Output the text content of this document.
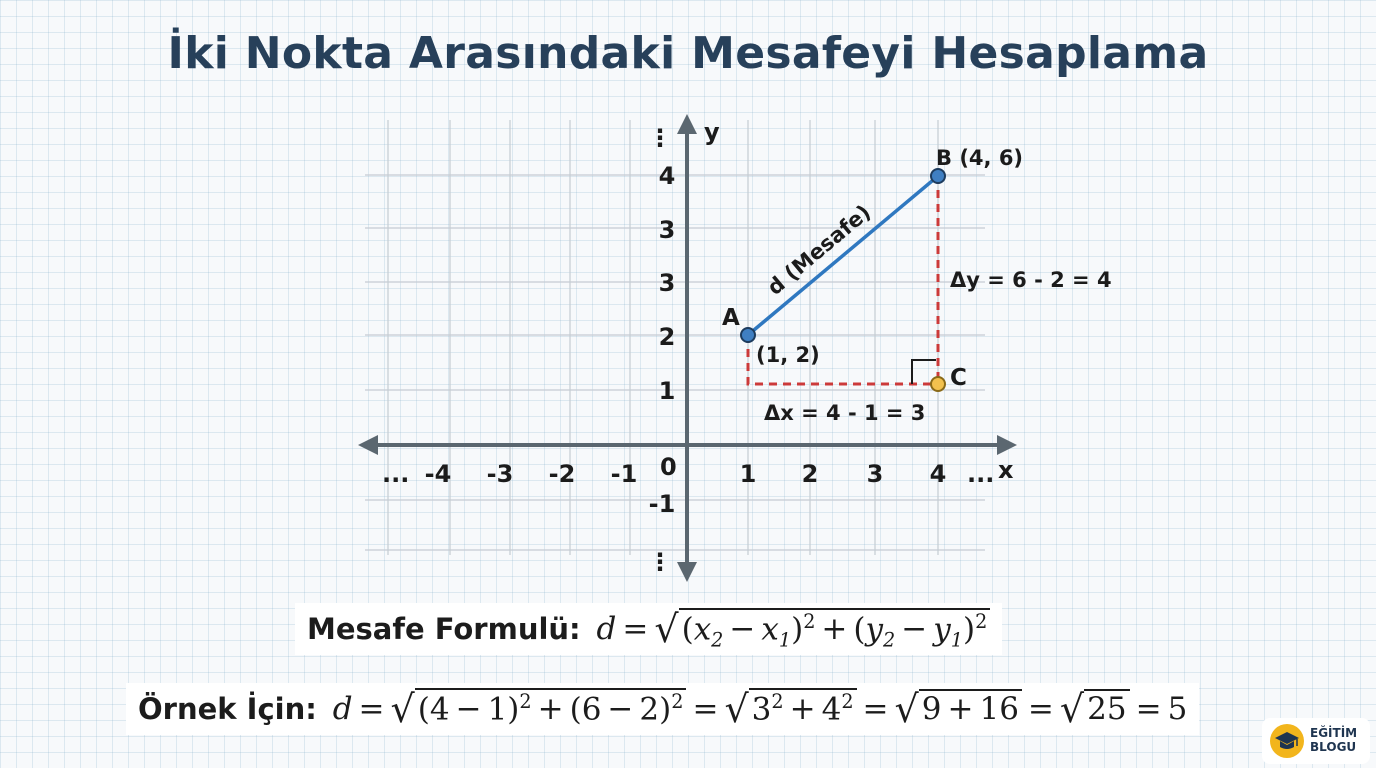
İki Nokta Arasındaki Mesafeyi Hesaplama
y
x
0
-4 -3 -2 -1	1 2 3 4
...	...
1
2
3
3
4
-1
⋮
⋮
A
(1, 2)
B (4, 6)
C
Δy = 6 - 2 = 4
Δx = 4 - 1 = 3
d (Mesafe)
Mesafe Formulü: $d = √(x_2 - x_1)^2 + (y_2 - y_1)^2$
Örnek İçin: $d = √(4 - 1)^2 + (6 - 2)^2 = √3^2 + 4^2 = √9 + 16 = √25 = 5$
EĞİTİM
BLOGU
